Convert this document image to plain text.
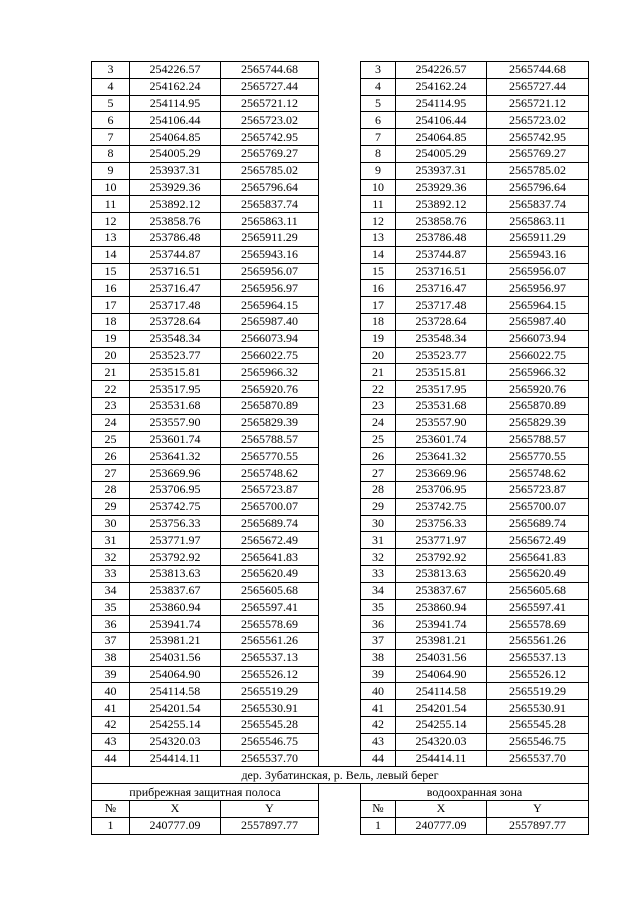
3	254226.57	2565744.68		3	254226.57	2565744.68
4	254162.24	2565727.44		4	254162.24	2565727.44
5	254114.95	2565721.12		5	254114.95	2565721.12
6	254106.44	2565723.02		6	254106.44	2565723.02
7	254064.85	2565742.95		7	254064.85	2565742.95
8	254005.29	2565769.27		8	254005.29	2565769.27
9	253937.31	2565785.02		9	253937.31	2565785.02
10	253929.36	2565796.64		10	253929.36	2565796.64
11	253892.12	2565837.74		11	253892.12	2565837.74
12	253858.76	2565863.11		12	253858.76	2565863.11
13	253786.48	2565911.29		13	253786.48	2565911.29
14	253744.87	2565943.16		14	253744.87	2565943.16
15	253716.51	2565956.07		15	253716.51	2565956.07
16	253716.47	2565956.97		16	253716.47	2565956.97
17	253717.48	2565964.15		17	253717.48	2565964.15
18	253728.64	2565987.40		18	253728.64	2565987.40
19	253548.34	2566073.94		19	253548.34	2566073.94
20	253523.77	2566022.75		20	253523.77	2566022.75
21	253515.81	2565966.32		21	253515.81	2565966.32
22	253517.95	2565920.76		22	253517.95	2565920.76
23	253531.68	2565870.89		23	253531.68	2565870.89
24	253557.90	2565829.39		24	253557.90	2565829.39
25	253601.74	2565788.57		25	253601.74	2565788.57
26	253641.32	2565770.55		26	253641.32	2565770.55
27	253669.96	2565748.62		27	253669.96	2565748.62
28	253706.95	2565723.87		28	253706.95	2565723.87
29	253742.75	2565700.07		29	253742.75	2565700.07
30	253756.33	2565689.74		30	253756.33	2565689.74
31	253771.97	2565672.49		31	253771.97	2565672.49
32	253792.92	2565641.83		32	253792.92	2565641.83
33	253813.63	2565620.49		33	253813.63	2565620.49
34	253837.67	2565605.68		34	253837.67	2565605.68
35	253860.94	2565597.41		35	253860.94	2565597.41
36	253941.74	2565578.69		36	253941.74	2565578.69
37	253981.21	2565561.26		37	253981.21	2565561.26
38	254031.56	2565537.13		38	254031.56	2565537.13
39	254064.90	2565526.12		39	254064.90	2565526.12
40	254114.58	2565519.29		40	254114.58	2565519.29
41	254201.54	2565530.91		41	254201.54	2565530.91
42	254255.14	2565545.28		42	254255.14	2565545.28
43	254320.03	2565546.75		43	254320.03	2565546.75
44	254414.11	2565537.70		44	254414.11	2565537.70
дер. Зубатинская, р. Вель, левый берег						
прибрежная защитная полоса				водоохранная зона		
№	X	Y		№	X	Y
1	240777.09	2557897.77		1	240777.09	2557897.77
